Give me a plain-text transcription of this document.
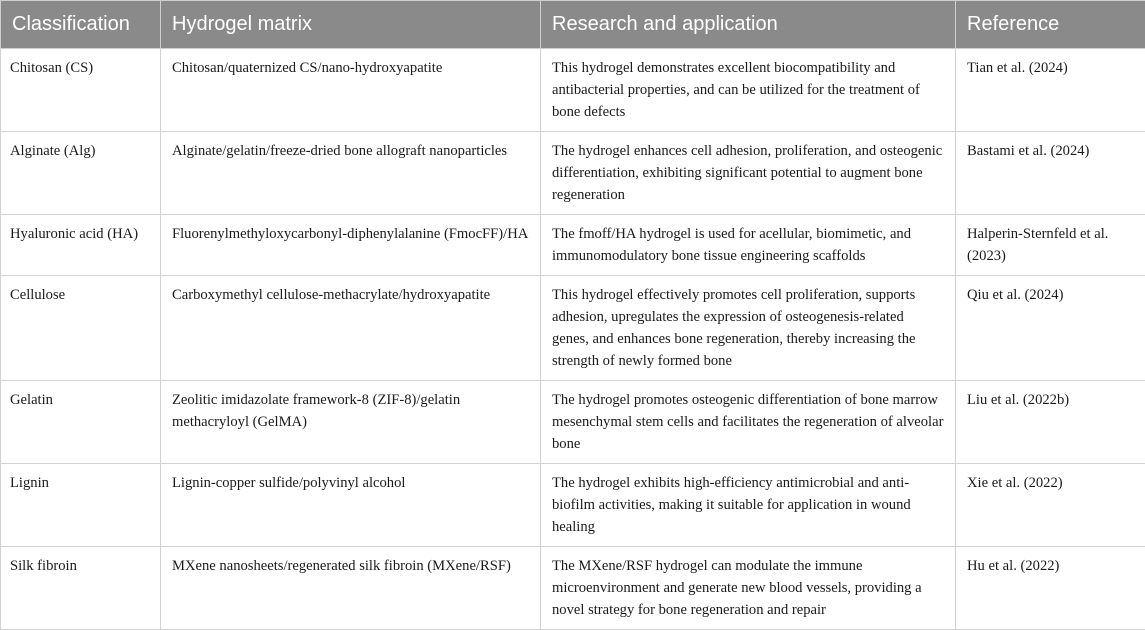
Classification	Hydrogel matrix	Research and application	Reference
Chitosan (CS)	Chitosan/quaternized CS/nano-hydroxyapatite	This hydrogel demonstrates excellent biocompatibility and antibacterial properties, and can be utilized for the treatment of bone defects	Tian et al. (2024)
Alginate (Alg)	Alginate/gelatin/freeze-dried bone allograft nanoparticles	The hydrogel enhances cell adhesion, proliferation, and osteogenic differentiation, exhibiting significant potential to augment bone regeneration	Bastami et al. (2024)
Hyaluronic acid (HA)	Fluorenylmethyloxycarbonyl-diphenylalanine (FmocFF)/HA	The fmoff/HA hydrogel is used for acellular, biomimetic, and immunomodulatory bone tissue engineering scaffolds	Halperin-Sternfeld et al. (2023)
Cellulose	Carboxymethyl cellulose-methacrylate/hydroxyapatite	This hydrogel effectively promotes cell proliferation, supports adhesion, upregulates the expression of osteogenesis-related genes, and enhances bone regeneration, thereby increasing the strength of newly formed bone	Qiu et al. (2024)
Gelatin	Zeolitic imidazolate framework-8 (ZIF-8)/gelatin methacryloyl (GelMA)	The hydrogel promotes osteogenic differentiation of bone marrow mesenchymal stem cells and facilitates the regeneration of alveolar bone	Liu et al. (2022b)
Lignin	Lignin-copper sulfide/polyvinyl alcohol	The hydrogel exhibits high-efficiency antimicrobial and anti-biofilm activities, making it suitable for application in wound healing	Xie et al. (2022)
Silk fibroin	MXene nanosheets/regenerated silk fibroin (MXene/RSF)	The MXene/RSF hydrogel can modulate the immune microenvironment and generate new blood vessels, providing a novel strategy for bone regeneration and repair	Hu et al. (2022)
